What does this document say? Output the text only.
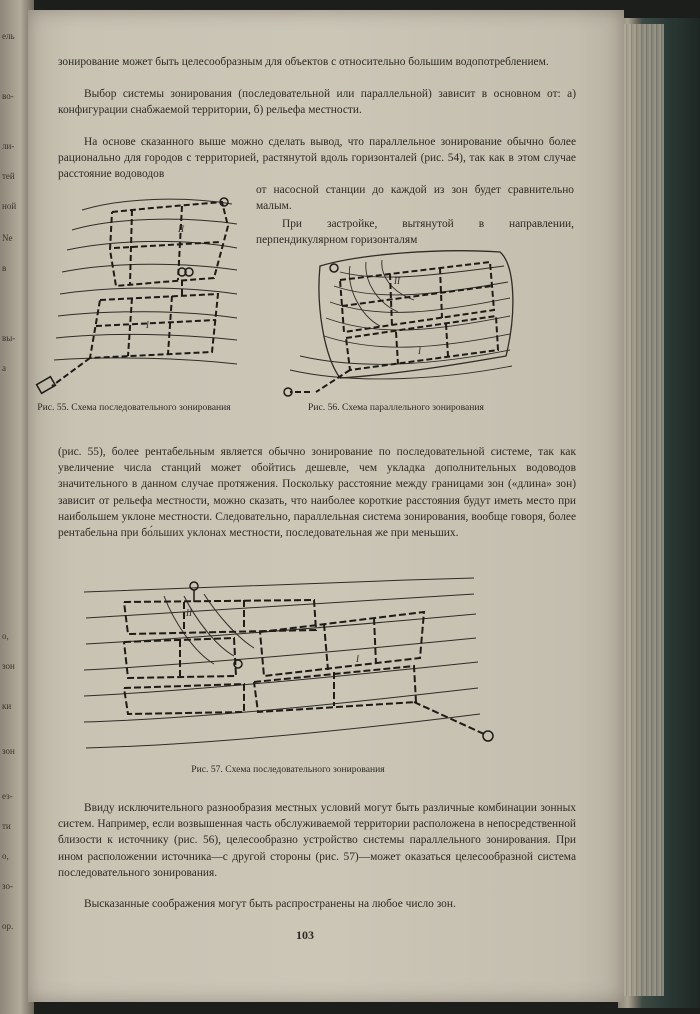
ель
во-
ли-
тей
ной
Ne
в
вы-
а
о,
зон
ки
зон
ез-
ти
о,
зо-
ор.

зонирование может быть целесообразным для объектов с относительно большим водопотреблением.

Выбор системы зонирования (последовательной или параллельной) зависит в основном от: а) конфигурации снабжаемой территории, б) рельефа местности.

На основе сказанного выше можно сделать вывод, что параллельное зонирование обычно более рационально для городов с территорией, растянутой вдоль горизонталей (рис. 54), так как в этом случае расстояние водоводов

от насосной станции до каждой из зон будет сравнительно малым.

При застройке, вытянутой в направлении, перпендикулярном горизонталям

II
I
II
I
Рис. 55. Схема последовательного зонирования	Рис. 56. Схема параллельного зонирования

(рис. 55), более рентабельным является обычно зонирование по последовательной системе, так как увеличение числа станций может обойтись дешевле, чем укладка дополнительных водоводов значительного в данном случае протяжения. Поскольку расстояние между границами зон («длина» зон) зависит от рельефа местности, можно сказать, что наиболее короткие расстояния будут иметь место при наибольшем уклоне местности. Следовательно, параллельная система зонирования, вообще говоря, более рентабельна при бо́льших уклонах местности, последовательная же при меньших.

II
I
Рис. 57. Схема последовательного зонирования

Ввиду исключительного разнообразия местных условий могут быть различные комбинации зонных систем. Например, если возвышенная часть обслуживаемой территории расположена в непосредственной близости к источнику (рис. 56), целесообразно устройство системы параллельного зонирования. При ином расположении источника—с другой стороны (рис. 57)—может оказаться целесообразной система последовательного зонирования.

Высказанные соображения могут быть распространены на любое число зон.

103
